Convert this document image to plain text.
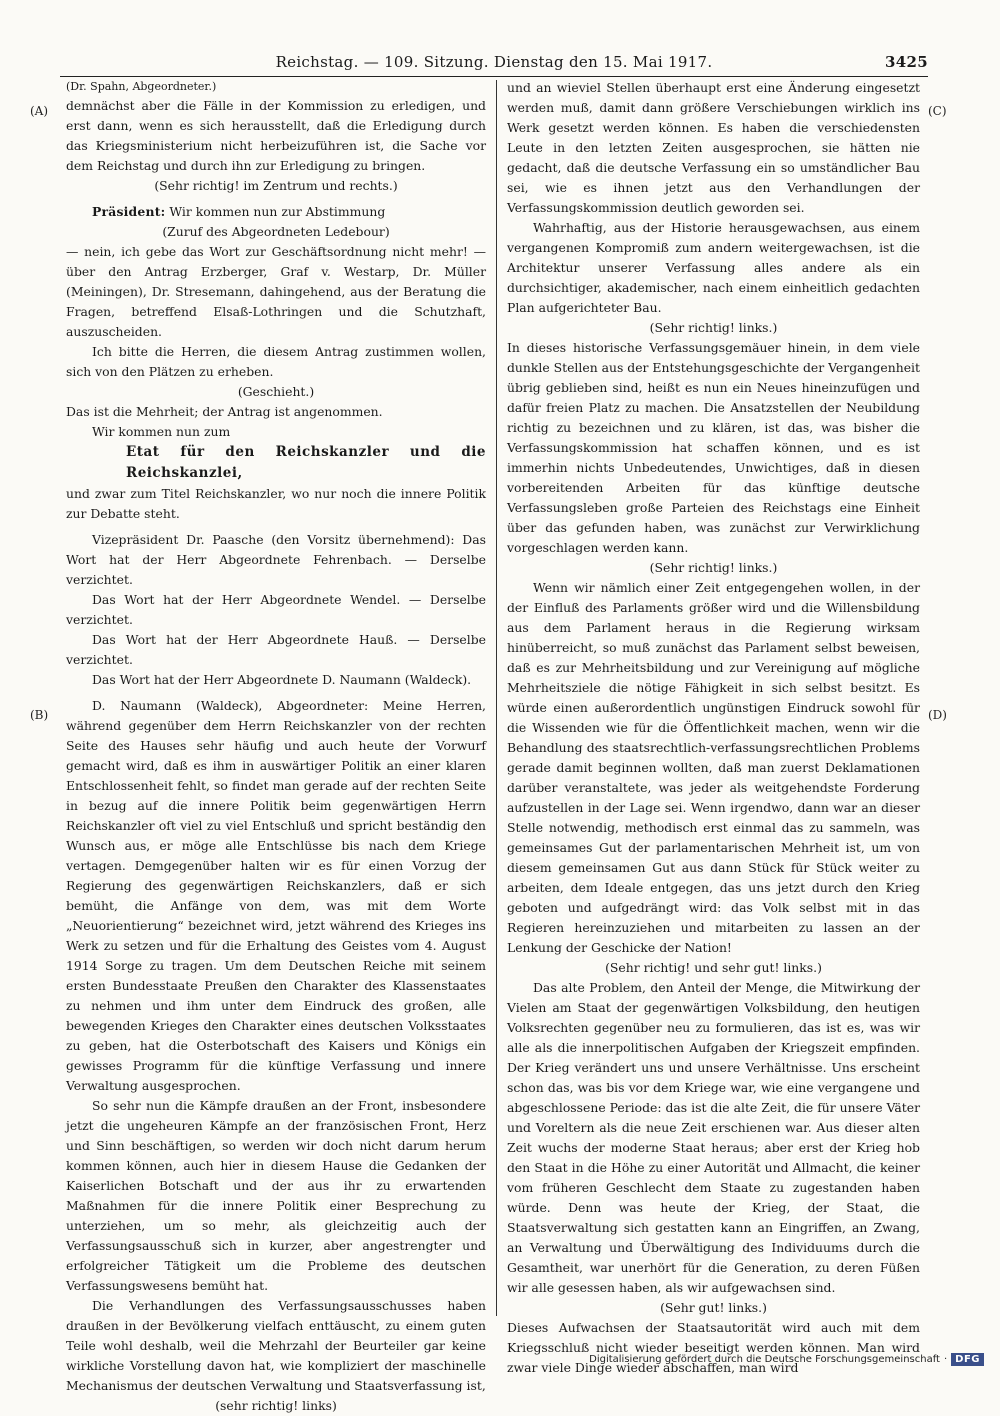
Reichstag. — 109. Sitzung. Dienstag den 15. Mai 1917.	3425
(A)
(B)
(C)
(D)

(Dr. Spahn, Abgeordneter.)

demnächst aber die Fälle in der Kommission zu erledigen, und erst dann, wenn es sich herausstellt, daß die Erledigung durch das Kriegsministerium nicht herbeizuführen ist, die Sache vor dem Reichstag und durch ihn zur Erledigung zu bringen.

(Sehr richtig! im Zentrum und rechts.)

Präsident: Wir kommen nun zur Abstimmung

(Zuruf des Abgeordneten Ledebour)

— nein, ich gebe das Wort zur Geschäftsordnung nicht mehr! — über den Antrag Erzberger, Graf v. Westarp, Dr. Müller (Meiningen), Dr. Stresemann, dahingehend, aus der Beratung die Fragen, betreffend Elsaß-Lothringen und die Schutzhaft, auszuscheiden.

Ich bitte die Herren, die diesem Antrag zustimmen wollen, sich von den Plätzen zu erheben.

(Geschieht.)

Das ist die Mehrheit; der Antrag ist angenommen.

Wir kommen nun zum

Etat für den Reichskanzler und die Reichskanzlei,

und zwar zum Titel Reichskanzler, wo nur noch die innere Politik zur Debatte steht.

Vizepräsident Dr. Paasche (den Vorsitz übernehmend): Das Wort hat der Herr Abgeordnete Fehrenbach. — Derselbe verzichtet.

Das Wort hat der Herr Abgeordnete Wendel. — Derselbe verzichtet.

Das Wort hat der Herr Abgeordnete Hauß. — Derselbe verzichtet.

Das Wort hat der Herr Abgeordnete D. Naumann (Waldeck).

D. Naumann (Waldeck), Abgeordneter: Meine Herren, während gegenüber dem Herrn Reichskanzler von der rechten Seite des Hauses sehr häufig und auch heute der Vorwurf gemacht wird, daß es ihm in auswärtiger Politik an einer klaren Entschlossenheit fehlt, so findet man gerade auf der rechten Seite in bezug auf die innere Politik beim gegenwärtigen Herrn Reichskanzler oft viel zu viel Entschluß und spricht beständig den Wunsch aus, er möge alle Entschlüsse bis nach dem Kriege vertagen. Demgegenüber halten wir es für einen Vorzug der Regierung des gegenwärtigen Reichskanzlers, daß er sich bemüht, die Anfänge von dem, was mit dem Worte „Neuorientierung“ bezeichnet wird, jetzt während des Krieges ins Werk zu setzen und für die Erhaltung des Geistes vom 4. August 1914 Sorge zu tragen. Um dem Deutschen Reiche mit seinem ersten Bundesstaate Preußen den Charakter des Klassenstaates zu nehmen und ihm unter dem Eindruck des großen, alle bewegenden Krieges den Charakter eines deutschen Volksstaates zu geben, hat die Osterbotschaft des Kaisers und Königs ein gewisses Programm für die künftige Verfassung und innere Verwaltung ausgesprochen.

So sehr nun die Kämpfe draußen an der Front, insbesondere jetzt die ungeheuren Kämpfe an der französischen Front, Herz und Sinn beschäftigen, so werden wir doch nicht darum herum kommen können, auch hier in diesem Hause die Gedanken der Kaiserlichen Botschaft und der aus ihr zu erwartenden Maßnahmen für die innere Politik einer Besprechung zu unterziehen, um so mehr, als gleichzeitig auch der Verfassungsausschuß sich in kurzer, aber angestrengter und erfolgreicher Tätigkeit um die Probleme des deutschen Verfassungswesens bemüht hat.

Die Verhandlungen des Verfassungsausschusses haben draußen in der Bevölkerung vielfach enttäuscht, zu einem guten Teile wohl deshalb, weil die Mehrzahl der Beurteiler gar keine wirkliche Vorstellung davon hat, wie kompliziert der maschinelle Mechanismus der deutschen Verwaltung und Staatsverfassung ist,

(sehr richtig! links)

und an wieviel Stellen überhaupt erst eine Änderung eingesetzt werden muß, damit dann größere Verschiebungen wirklich ins Werk gesetzt werden können. Es haben die verschiedensten Leute in den letzten Zeiten ausgesprochen, sie hätten nie gedacht, daß die deutsche Verfassung ein so umständlicher Bau sei, wie es ihnen jetzt aus den Verhandlungen der Verfassungskommission deutlich geworden sei.

Wahrhaftig, aus der Historie herausgewachsen, aus einem vergangenen Kompromiß zum andern weitergewachsen, ist die Architektur unserer Verfassung alles andere als ein durchsichtiger, akademischer, nach einem einheitlich gedachten Plan aufgerichteter Bau.

(Sehr richtig! links.)

In dieses historische Verfassungsgemäuer hinein, in dem viele dunkle Stellen aus der Entstehungsgeschichte der Vergangenheit übrig geblieben sind, heißt es nun ein Neues hineinzufügen und dafür freien Platz zu machen. Die Ansatzstellen der Neubildung richtig zu bezeichnen und zu klären, ist das, was bisher die Verfassungskommission hat schaffen können, und es ist immerhin nichts Unbedeutendes, Unwichtiges, daß in diesen vorbereitenden Arbeiten für das künftige deutsche Verfassungsleben große Parteien des Reichstags eine Einheit über das gefunden haben, was zunächst zur Verwirklichung vorgeschlagen werden kann.

(Sehr richtig! links.)

Wenn wir nämlich einer Zeit entgegengehen wollen, in der der Einfluß des Parlaments größer wird und die Willensbildung aus dem Parlament heraus in die Regierung wirksam hinüberreicht, so muß zunächst das Parlament selbst beweisen, daß es zur Mehrheitsbildung und zur Vereinigung auf mögliche Mehrheitsziele die nötige Fähigkeit in sich selbst besitzt. Es würde einen außerordentlich ungünstigen Eindruck sowohl für die Wissenden wie für die Öffentlichkeit machen, wenn wir die Behandlung des staatsrechtlich-verfassungsrechtlichen Problems gerade damit beginnen wollten, daß man zuerst Deklamationen darüber veranstaltete, was jeder als weitgehendste Forderung aufzustellen in der Lage sei. Wenn irgendwo, dann war an dieser Stelle notwendig, methodisch erst einmal das zu sammeln, was gemeinsames Gut der parlamentarischen Mehrheit ist, um von diesem gemeinsamen Gut aus dann Stück für Stück weiter zu arbeiten, dem Ideale entgegen, das uns jetzt durch den Krieg geboten und aufgedrängt wird: das Volk selbst mit in das Regieren hereinzuziehen und mitarbeiten zu lassen an der Lenkung der Geschicke der Nation!

(Sehr richtig! und sehr gut! links.)

Das alte Problem, den Anteil der Menge, die Mitwirkung der Vielen am Staat der gegenwärtigen Volksbildung, den heutigen Volksrechten gegenüber neu zu formulieren, das ist es, was wir alle als die innerpolitischen Aufgaben der Kriegszeit empfinden. Der Krieg verändert uns und unsere Verhältnisse. Uns erscheint schon das, was bis vor dem Kriege war, wie eine vergangene und abgeschlossene Periode: das ist die alte Zeit, die für unsere Väter und Voreltern als die neue Zeit erschienen war. Aus dieser alten Zeit wuchs der moderne Staat heraus; aber erst der Krieg hob den Staat in die Höhe zu einer Autorität und Allmacht, die keiner vom früheren Geschlecht dem Staate zu zugestanden haben würde. Denn was heute der Krieg, der Staat, die Staatsverwaltung sich gestatten kann an Eingriffen, an Zwang, an Verwaltung und Überwältigung des Individuums durch die Gesamtheit, war unerhört für die Generation, zu deren Füßen wir alle gesessen haben, als wir aufgewachsen sind.

(Sehr gut! links.)

Dieses Aufwachsen der Staatsautorität wird auch mit dem Kriegsschluß nicht wieder beseitigt werden können. Man wird zwar viele Dinge wieder abschaffen, man wird

Digitalisierung gefördert durch die Deutsche Forschungsgemeinschaft · DFG
